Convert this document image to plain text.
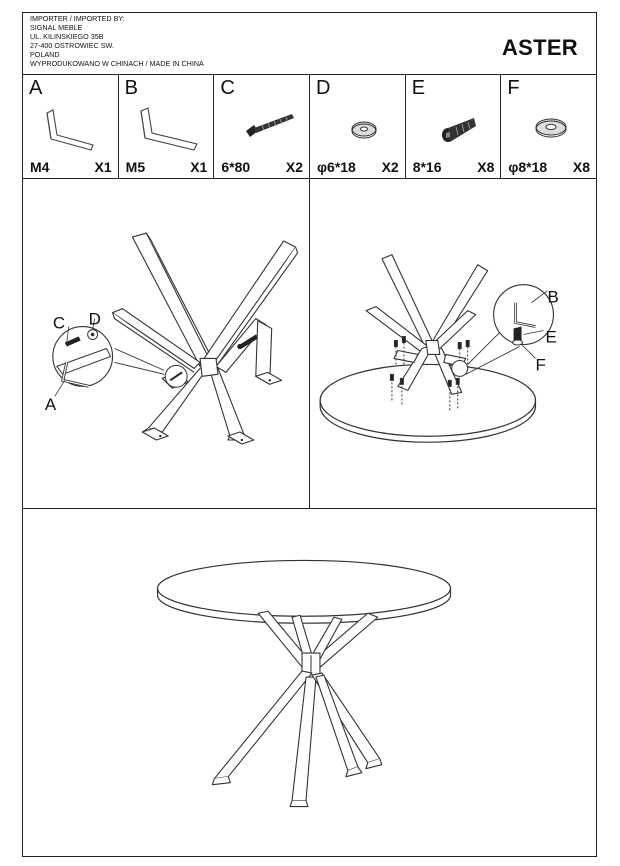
IMPORTER / IMPORTED BY:
SIGNAL MEBLE
UL. KILINSKIEGO 35B
27-400 OSTROWIEC SW.
POLAND
WYPRODUKOWANO W CHINACH / MADE IN CHINA
ASTER
A
M4	X1
B
M5	X1
C
6*80	X2
D
φ6*18 X2
E
8*16	X8
F
φ8*18 X8
C D
A
B
E
F
